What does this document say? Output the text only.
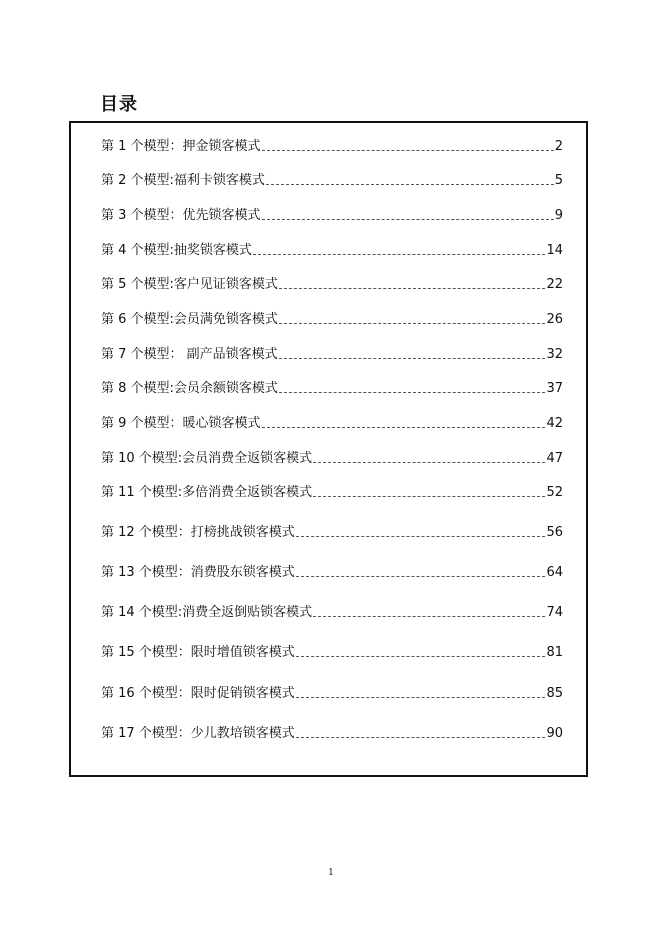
目录
第 1 个模型：押金锁客模式	2
第 2 个模型:福利卡锁客模式	5
第 3 个模型：优先锁客模式	9
第 4 个模型:抽奖锁客模式	14
第 5 个模型:客户见证锁客模式	22
第 6 个模型:会员满免锁客模式	26
第 7 个模型： 副产品锁客模式	32
第 8 个模型:会员余额锁客模式	37
第 9 个模型：暖心锁客模式	42
第 10 个模型:会员消费全返锁客模式	47
第 11 个模型:多倍消费全返锁客模式	52
第 12 个模型：打榜挑战锁客模式	56
第 13 个模型：消费股东锁客模式	64
第 14 个模型:消费全返倒贴锁客模式	74
第 15 个模型：限时增值锁客模式	81
第 16 个模型：限时促销锁客模式	85
第 17 个模型：少儿教培锁客模式	90
1
